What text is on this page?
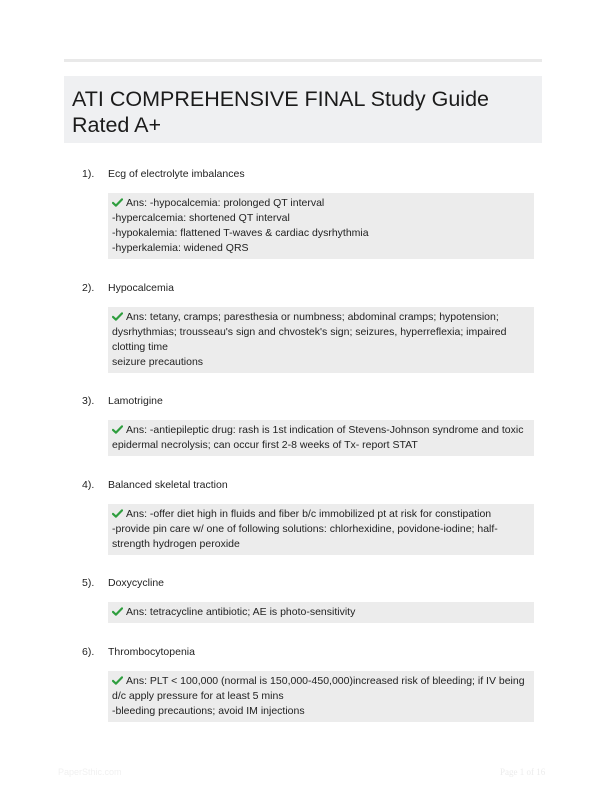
ATI COMPREHENSIVE FINAL Study Guide Rated A+
1). Ecg of electrolyte imbalances
Ans: -hypocalcemia: prolonged QT interval
-hypercalcemia: shortened QT interval
-hypokalemia: flattened T-waves & cardiac dysrhythmia
-hyperkalemia: widened QRS
2). Hypocalcemia
Ans: tetany, cramps; paresthesia or numbness; abdominal cramps; hypotension;
dysrhythmias; trousseau's sign and chvostek's sign; seizures, hyperreflexia; impaired
clotting time
seizure precautions
3). Lamotrigine
Ans: -antiepileptic drug: rash is 1st indication of Stevens-Johnson syndrome and toxic
epidermal necrolysis; can occur first 2-8 weeks of Tx- report STAT
4). Balanced skeletal traction
Ans: -offer diet high in fluids and fiber b/c immobilized pt at risk for constipation
-provide pin care w/ one of following solutions: chlorhexidine, povidone-iodine; half-
strength hydrogen peroxide
5). Doxycycline
Ans: tetracycline antibiotic; AE is photo-sensitivity
6). Thrombocytopenia
Ans: PLT < 100,000 (normal is 150,000-450,000)increased risk of bleeding; if IV being
d/c apply pressure for at least 5 mins
-bleeding precautions; avoid IM injections
PaperSthic.com	Page 1 of 16
